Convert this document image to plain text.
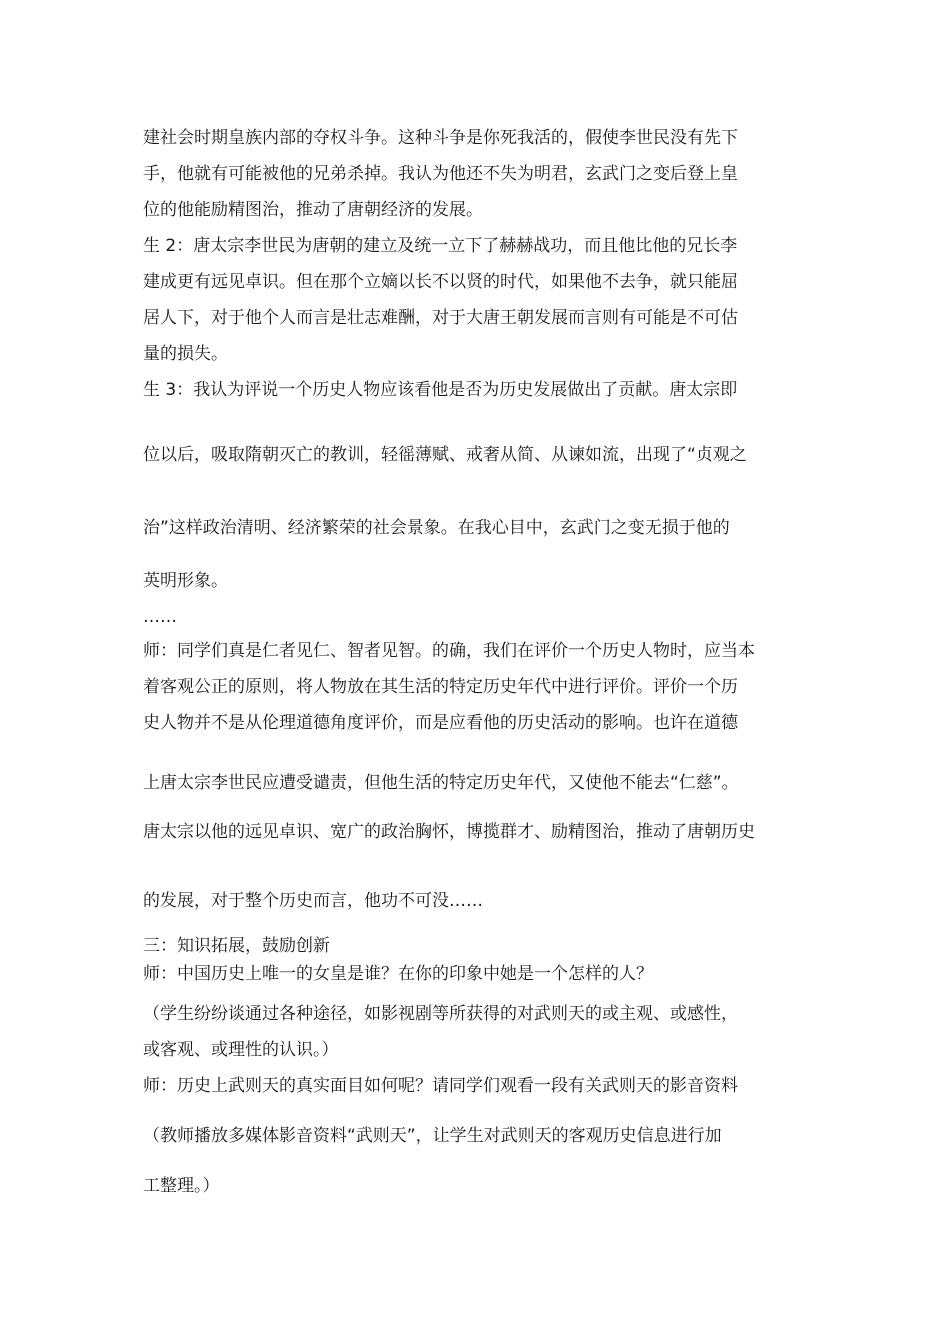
建社会时期皇族内部的夺权斗争。这种斗争是你死我活的，假使李世民没有先下
手，他就有可能被他的兄弟杀掉。我认为他还不失为明君，玄武门之变后登上皇
位的他能励精图治，推动了唐朝经济的发展。
生 2：唐太宗李世民为唐朝的建立及统一立下了赫赫战功，而且他比他的兄长李
建成更有远见卓识。但在那个立嫡以长不以贤的时代，如果他不去争，就只能屈
居人下，对于他个人而言是壮志难酬，对于大唐王朝发展而言则有可能是不可估
量的损失。
生 3：我认为评说一个历史人物应该看他是否为历史发展做出了贡献。唐太宗即
位以后，吸取隋朝灭亡的教训，轻徭薄赋、戒奢从简、从谏如流，出现了“贞观之
治”这样政治清明、经济繁荣的社会景象。在我心目中，玄武门之变无损于他的
英明形象。
……
师：同学们真是仁者见仁、智者见智。的确，我们在评价一个历史人物时，应当本
着客观公正的原则，将人物放在其生活的特定历史年代中进行评价。评价一个历
史人物并不是从伦理道德角度评价，而是应看他的历史活动的影响。也许在道德
上唐太宗李世民应遭受谴责，但他生活的特定历史年代，又使他不能去“仁慈”。
唐太宗以他的远见卓识、宽广的政治胸怀，博揽群才、励精图治，推动了唐朝历史
的发展，对于整个历史而言，他功不可没……
三：知识拓展，鼓励创新
师：中国历史上唯一的女皇是谁？在你的印象中她是一个怎样的人？
（学生纷纷谈通过各种途径，如影视剧等所获得的对武则天的或主观、或感性，
或客观、或理性的认识。）
师：历史上武则天的真实面目如何呢？请同学们观看一段有关武则天的影音资料
（教师播放多媒体影音资料“武则天”，让学生对武则天的客观历史信息进行加
工整理。）
